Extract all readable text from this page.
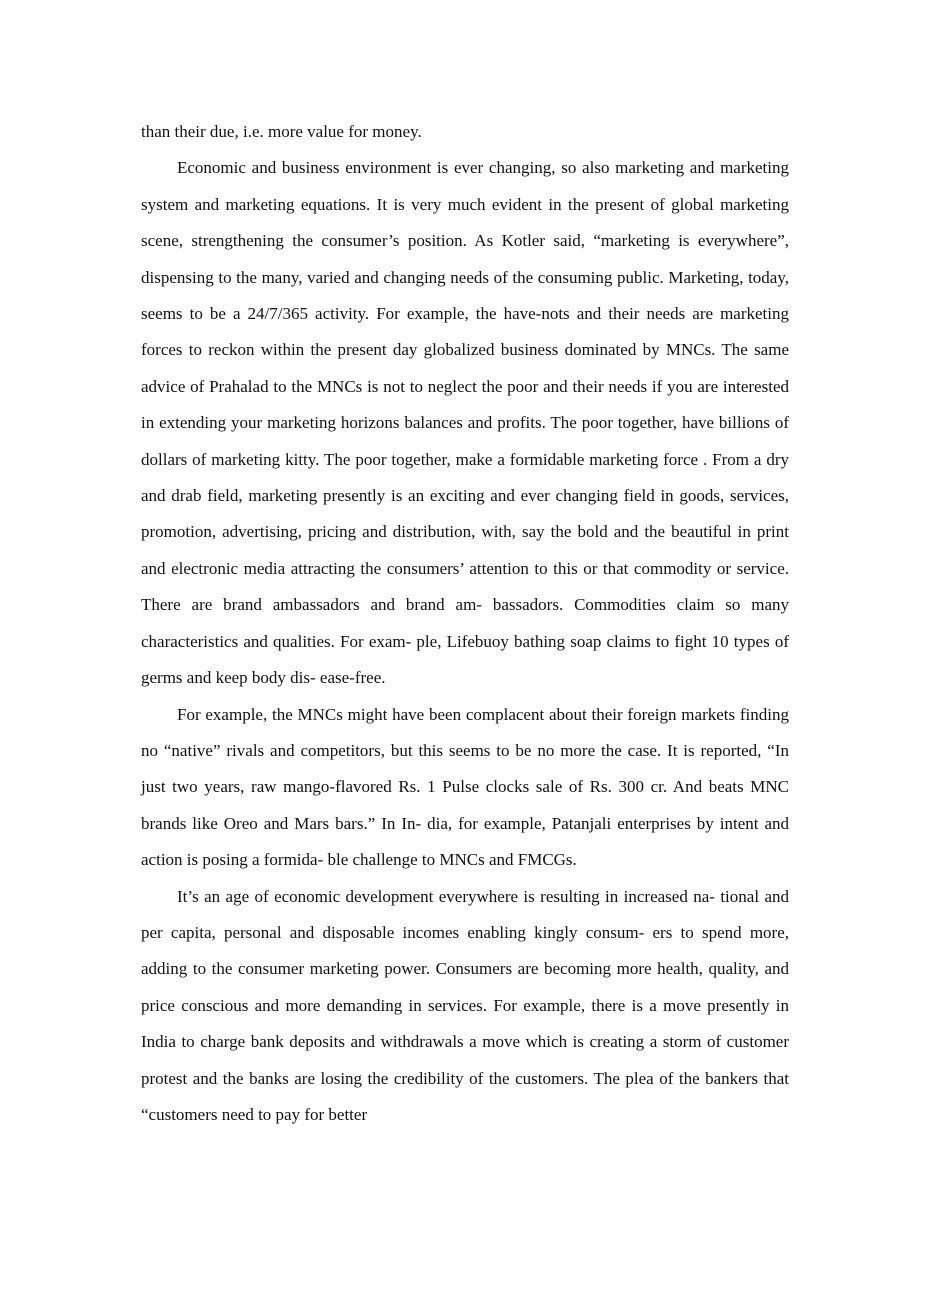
than their due, i.e. more value for money.

Economic and business environment is ever changing, so also marketing and marketing system and marketing equations. It is very much evident in the present of global marketing scene, strengthening the consumer’s position. As Kotler said, “marketing is everywhere”, dispensing to the many, varied and changing needs of the consuming public. Marketing, today, seems to be a 24/7/365 activity. For example, the have-nots and their needs are marketing forces to reckon within the present day globalized business dominated by MNCs. The same advice of Prahalad to the MNCs is not to neglect the poor and their needs if you are interested in extending your marketing horizons balances and profits. The poor together, have billions of dollars of marketing kitty. The poor together, make a formidable marketing force . From a dry and drab field, marketing presently is an exciting and ever changing field in goods, services, promotion, advertising, pricing and distribution, with, say the bold and the beautiful in print and electronic media attracting the consumers’ attention to this or that commodity or service. There are brand ambassadors and brand am- bassadors. Commodities claim so many characteristics and qualities. For exam- ple, Lifebuoy bathing soap claims to fight 10 types of germs and keep body dis- ease-free.

For example, the MNCs might have been complacent about their foreign markets finding no “native” rivals and competitors, but this seems to be no more the case. It is reported, “In just two years, raw mango-flavored Rs. 1 Pulse clocks sale of Rs. 300 cr. And beats MNC brands like Oreo and Mars bars.” In In- dia, for example, Patanjali enterprises by intent and action is posing a formida- ble challenge to MNCs and FMCGs.

It’s an age of economic development everywhere is resulting in increased na- tional and per capita, personal and disposable incomes enabling kingly consum- ers to spend more, adding to the consumer marketing power. Consumers are becoming more health, quality, and price conscious and more demanding in services. For example, there is a move presently in India to charge bank deposits and withdrawals a move which is creating a storm of customer protest and the banks are losing the credibility of the customers. The plea of the bankers that “customers need to pay for better
